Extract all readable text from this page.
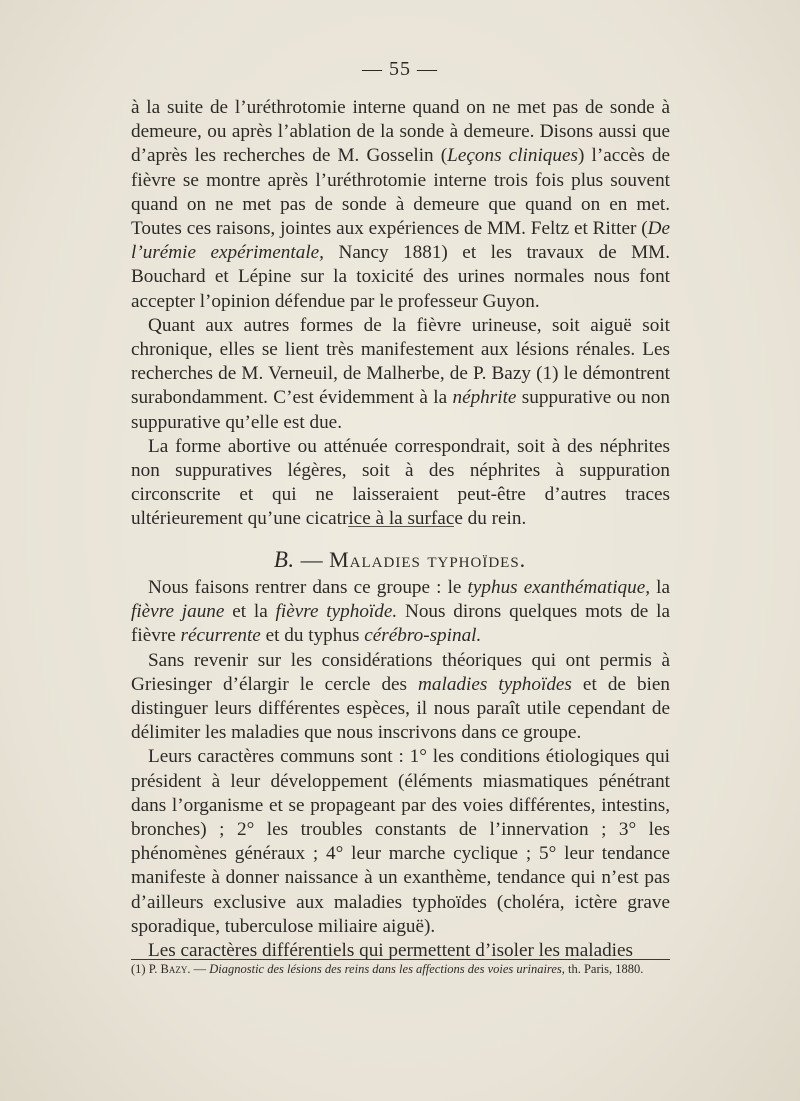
— 55 —

à la suite de l’uréthrotomie interne quand on ne met pas de sonde à demeure, ou après l’ablation de la sonde à demeure. Disons aussi que d’après les recherches de M. Gosselin (Leçons cliniques) l’accès de fièvre se montre après l’uréthrotomie interne trois fois plus souvent quand on ne met pas de sonde à demeure que quand on en met. Toutes ces raisons, jointes aux expériences de MM. Feltz et Ritter (De l’urémie expérimentale, Nancy 1881) et les travaux de MM. Bouchard et Lépine sur la toxicité des urines normales nous font accepter l’opinion défendue par le professeur Guyon.

Quant aux autres formes de la fièvre urineuse, soit aiguë soit chronique, elles se lient très manifestement aux lésions rénales. Les recherches de M. Verneuil, de Malherbe, de P. Bazy (1) le démontrent surabondamment. C’est évidemment à la néphrite suppurative ou non suppurative qu’elle est due.

La forme abortive ou atténuée correspondrait, soit à des néphrites non suppuratives légères, soit à des néphrites à suppuration circonscrite et qui ne laisseraient peut-être d’autres traces ultérieurement qu’une cicatrice à la surface du rein.

B. — Maladies typhoïdes.

Nous faisons rentrer dans ce groupe : le typhus exanthématique, la fièvre jaune et la fièvre typhoïde. Nous dirons quelques mots de la fièvre récurrente et du typhus cérébro-spinal.

Sans revenir sur les considérations théoriques qui ont permis à Griesinger d’élargir le cercle des maladies typhoïdes et de bien distinguer leurs différentes espèces, il nous paraît utile cependant de délimiter les maladies que nous inscrivons dans ce groupe.

Leurs caractères communs sont : 1° les conditions étiologiques qui président à leur développement (éléments miasmatiques pénétrant dans l’organisme et se propageant par des voies différentes, intestins, bronches) ; 2° les troubles constants de l’innervation ; 3° les phénomènes généraux ; 4° leur marche cyclique ; 5° leur tendance manifeste à donner naissance à un exanthème, tendance qui n’est pas d’ailleurs exclusive aux maladies typhoïdes (choléra, ictère grave sporadique, tuberculose miliaire aiguë).

Les caractères différentiels qui permettent d’isoler les maladies

(1) P. Bazy. — Diagnostic des lésions des reins dans les affections des voies urinaires, th. Paris, 1880.
